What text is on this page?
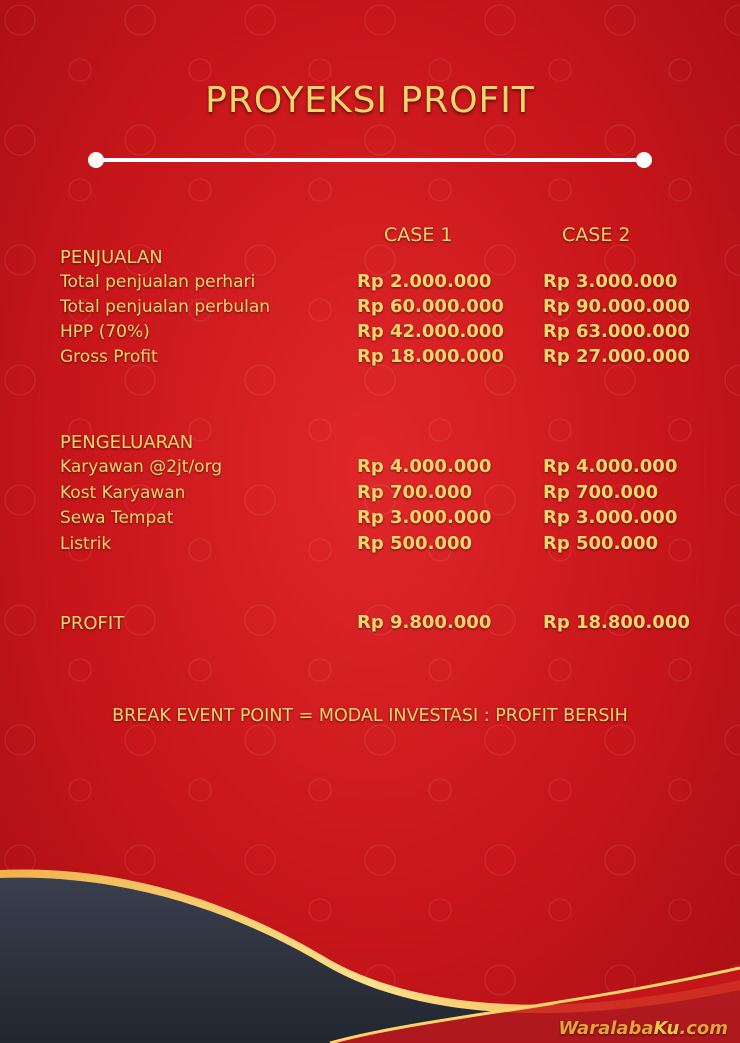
PROYEKSI PROFIT
CASE 1	CASE 2
PENJUALAN
Total penjualan perhari	Rp 2.000.000	Rp 3.000.000
Total penjualan perbulan	Rp 60.000.000 Rp 90.000.000
HPP (70%)	Rp 42.000.000 Rp 63.000.000
Gross Profit	Rp 18.000.000 Rp 27.000.000
PENGELUARAN
Karyawan @2jt/org	Rp 4.000.000	Rp 4.000.000
Kost Karyawan	Rp 700.000	Rp 700.000
Sewa Tempat	Rp 3.000.000	Rp 3.000.000
Listrik	Rp 500.000	Rp 500.000
PROFIT	Rp 9.800.000	Rp 18.800.000
BREAK EVENT POINT = MODAL INVESTASI : PROFIT BERSIH
WaralabaKu.com
